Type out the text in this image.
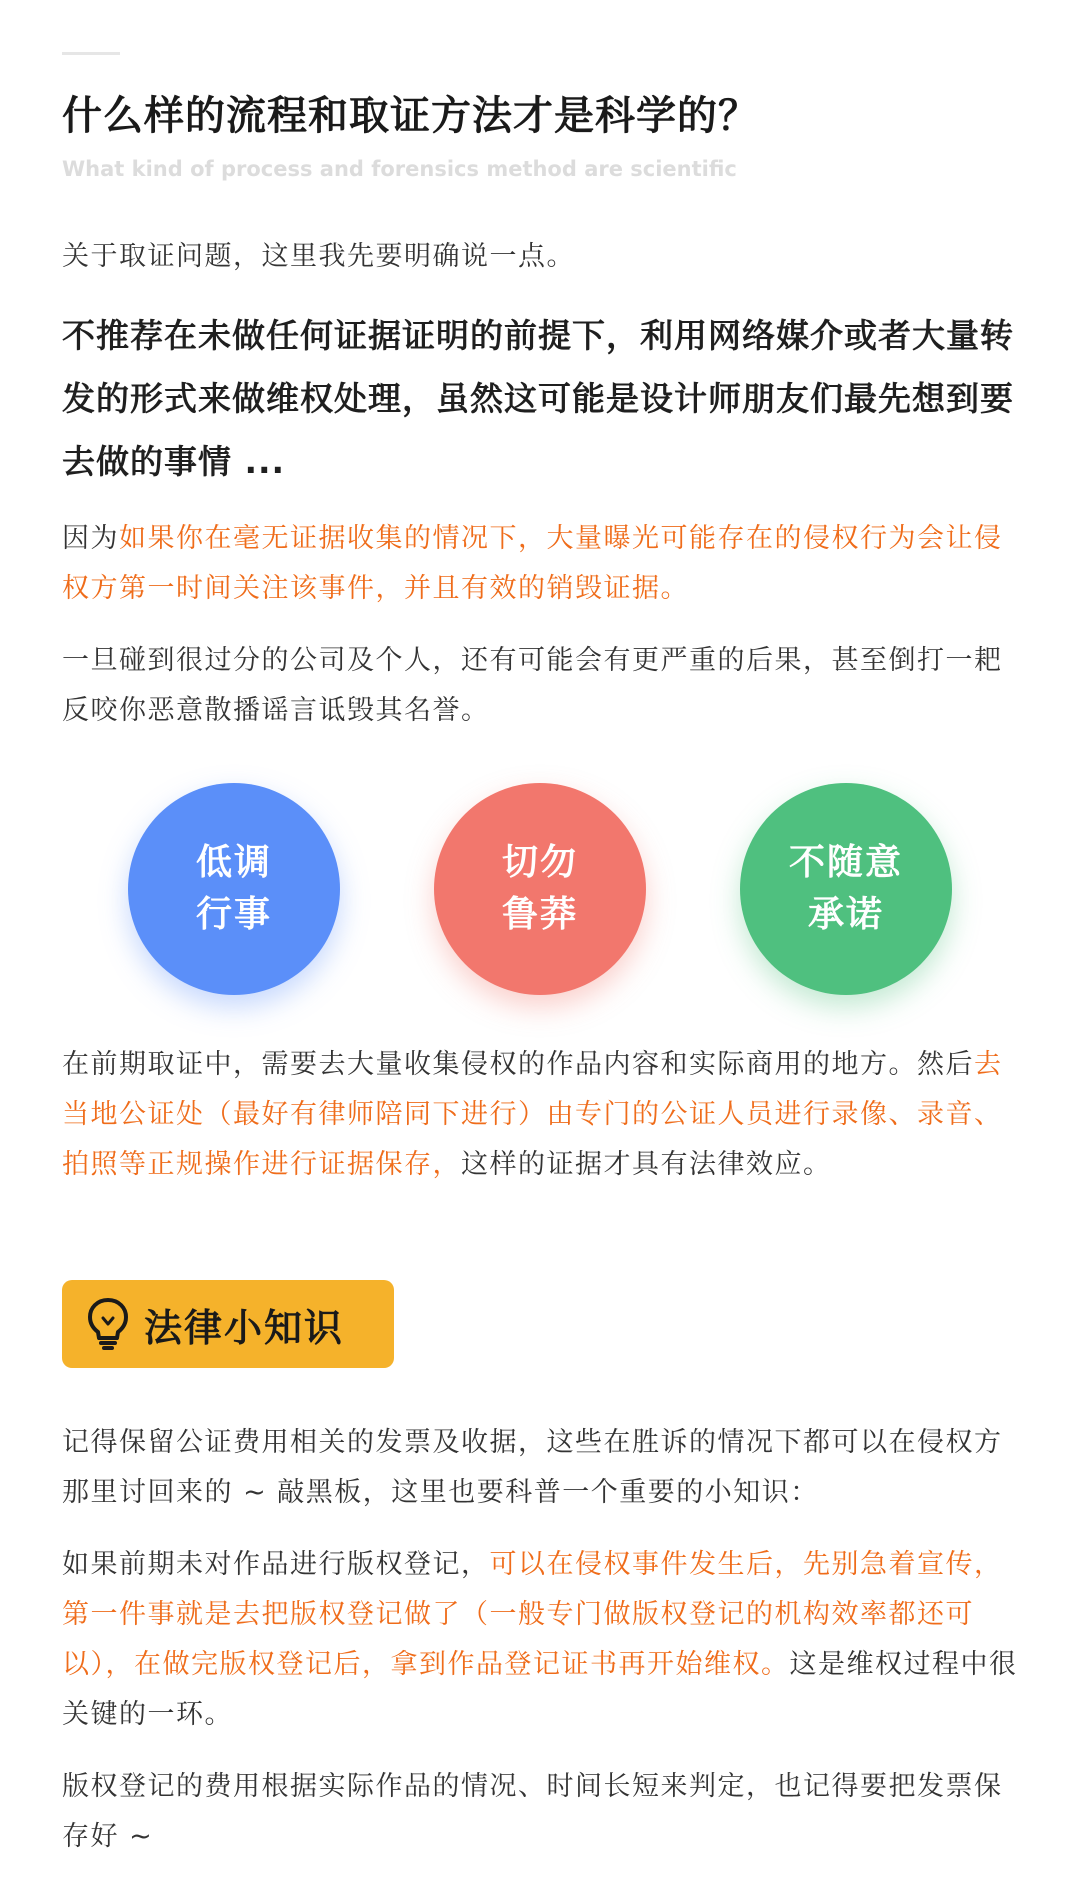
什么样的流程和取证方法才是科学的？
What kind of process and forensics method are scientific
关于取证问题，这里我先要明确说一点。
不推荐在未做任何证据证明的前提下，利用网络媒介或者大量转发的形式来做维权处理，虽然这可能是设计师朋友们最先想到要去做的事情 ...
因为如果你在毫无证据收集的情况下，大量曝光可能存在的侵权行为会让侵权方第一时间关注该事件，并且有效的销毁证据。
一旦碰到很过分的公司及个人，还有可能会有更严重的后果，甚至倒打一耙反咬你恶意散播谣言诋毁其名誉。
低调
行事
切勿
鲁莽
不随意
承诺
在前期取证中，需要去大量收集侵权的作品内容和实际商用的地方。然后去当地公证处（最好有律师陪同下进行）由专门的公证人员进行录像、录音、拍照等正规操作进行证据保存，这样的证据才具有法律效应。
法律小知识
记得保留公证费用相关的发票及收据，这些在胜诉的情况下都可以在侵权方那里讨回来的 ~ 敲黑板，这里也要科普一个重要的小知识：
如果前期未对作品进行版权登记，可以在侵权事件发生后，先别急着宣传，第一件事就是去把版权登记做了（一般专门做版权登记的机构效率都还可以），在做完版权登记后，拿到作品登记证书再开始维权。这是维权过程中很关键的一环。
版权登记的费用根据实际作品的情况、时间长短来判定，也记得要把发票保存好 ~
